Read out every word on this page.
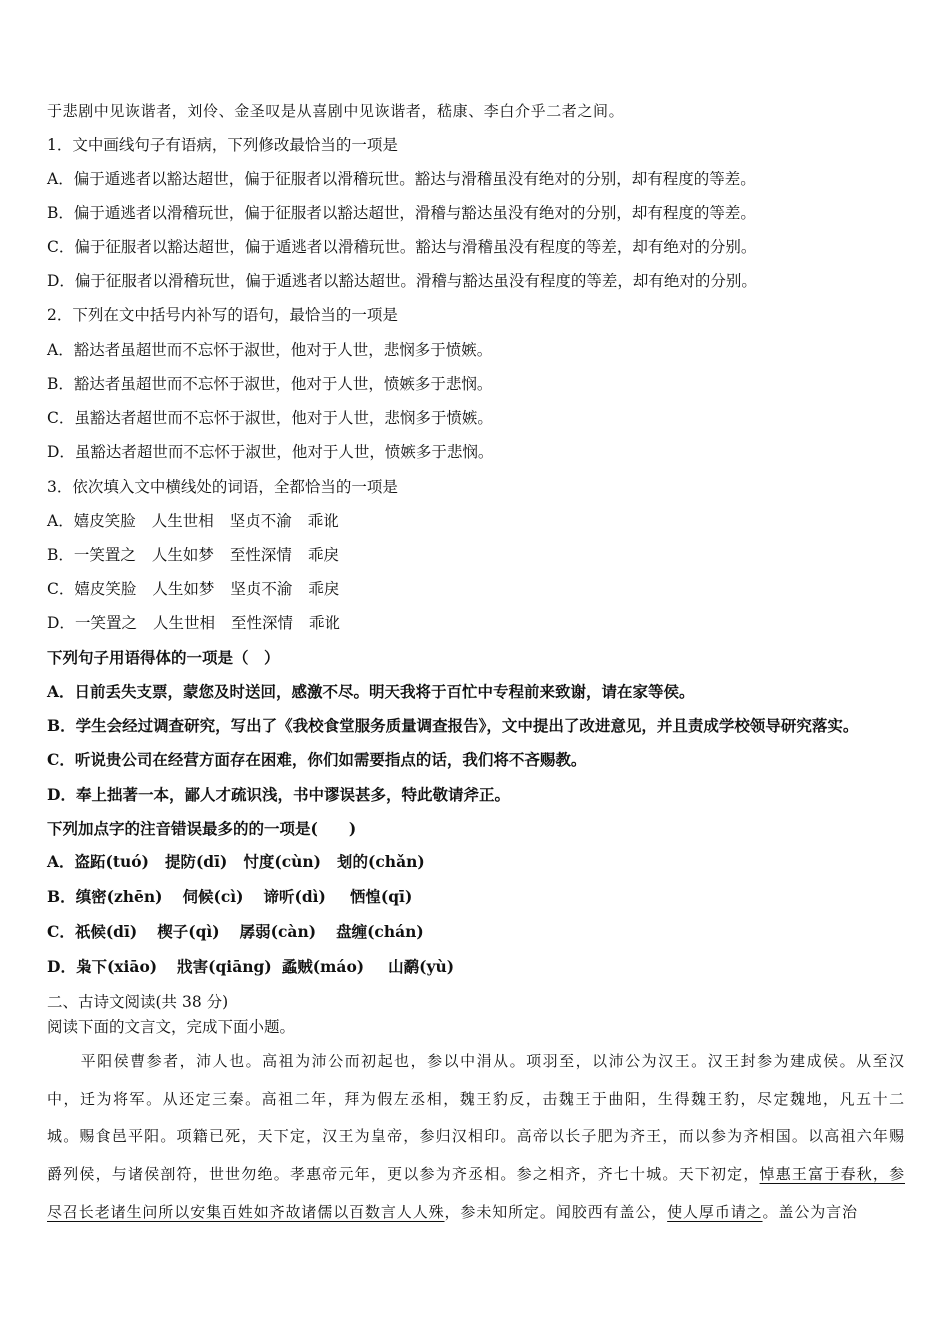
于悲剧中见诙谐者，刘伶、金圣叹是从喜剧中见诙谐者，嵇康、李白介乎二者之间。
1．文中画线句子有语病，下列修改最恰当的一项是
A．偏于遁逃者以豁达超世，偏于征服者以滑稽玩世。豁达与滑稽虽没有绝对的分别，却有程度的等差。
B．偏于遁逃者以滑稽玩世，偏于征服者以豁达超世，滑稽与豁达虽没有绝对的分别，却有程度的等差。
C．偏于征服者以豁达超世，偏于遁逃者以滑稽玩世。豁达与滑稽虽没有程度的等差，却有绝对的分别。
D．偏于征服者以滑稽玩世，偏于遁逃者以豁达超世。滑稽与豁达虽没有程度的等差，却有绝对的分别。
2．下列在文中括号内补写的语句，最恰当的一项是
A．豁达者虽超世而不忘怀于淑世，他对于人世，悲悯多于愤嫉。
B．豁达者虽超世而不忘怀于淑世，他对于人世，愤嫉多于悲悯。
C．虽豁达者超世而不忘怀于淑世，他对于人世，悲悯多于愤嫉。
D．虽豁达者超世而不忘怀于淑世，他对于人世，愤嫉多于悲悯。
3．依次填入文中横线处的词语，全都恰当的一项是
A．嬉皮笑脸 人生世相 坚贞不渝 乖讹
B．一笑置之 人生如梦 至性深情 乖戾
C．嬉皮笑脸 人生如梦 坚贞不渝 乖戾
D．一笑置之 人生世相 至性深情 乖讹
下列句子用语得体的一项是（　）
A．日前丢失支票，蒙您及时送回，感激不尽。明天我将于百忙中专程前来致谢，请在家等侯。
B．学生会经过调查研究，写出了《我校食堂服务质量调查报告》，文中提出了改进意见，并且责成学校领导研究落实。
C．听说贵公司在经营方面存在困难，你们如需要指点的话，我们将不吝赐教。
D．奉上拙著一本，鄙人才疏识浅，书中谬误甚多，特此敬请斧正。
下列加点字的注音错误最多的的一项是(　　)
A．盗跖(tuó) 提防(dī) 忖度(cùn) 刬的(chǎn)
B．缜密(zhēn) 伺候(cì) 谛听(dì) 恓惶(qī)
C．祇候(dī) 楔子(qì) 孱弱(càn) 盘缠(chán)
D．枭下(xiāo) 戕害(qiāng) 蟊贼(máo) 山鹬(yù)
二、古诗文阅读(共 38 分)
阅读下面的文言文，完成下面小题。
平阳侯曹参者，沛人也。高祖为沛公而初起也，参以中涓从。项羽至，以沛公为汉王。汉王封参为建成侯。从至汉中，迁为将军。从还定三秦。高祖二年，拜为假左丞相，魏王豹反，击魏王于曲阳，生得魏王豹，尽定魏地，凡五十二城。赐食邑平阳。项籍已死，天下定，汉王为皇帝，参归汉相印。高帝以长子肥为齐王，而以参为齐相国。以高祖六年赐爵列侯，与诸侯剖符，世世勿绝。孝惠帝元年，更以参为齐丞相。参之相齐，齐七十城。天下初定，悼惠王富于春秋，参尽召长老诸生问所以安集百姓如齐故诸儒以百数言人人殊，参未知所定。闻胶西有盖公，使人厚币请之。盖公为言治
